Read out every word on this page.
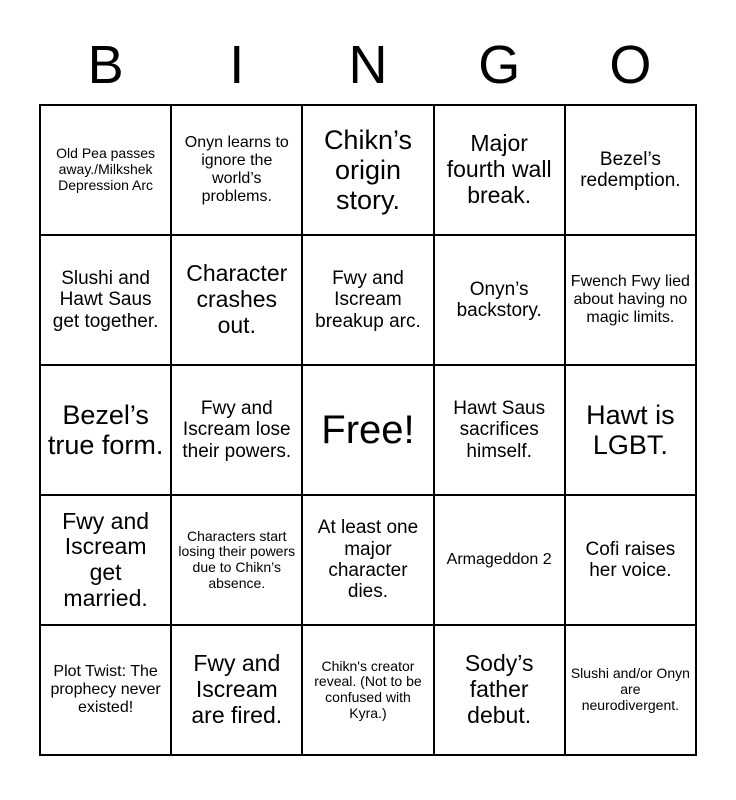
B	I	N	G	O
Old Pea passes away./Milkshek Depression Arc	Onyn learns to ignore the world’s problems.	Chikn’s origin story.	Major fourth wall break.	Bezel’s redemption.
Slushi and Hawt Saus get together.	Character crashes out.	Fwy and Iscream breakup arc.	Onyn’s backstory.	Fwench Fwy lied about having no magic limits.
Bezel’s true form.	Fwy and Iscream lose their powers.	Free!	Hawt Saus sacrifices himself.	Hawt is LGBT.
Fwy and Iscream get married.	Characters start losing their powers due to Chikn’s absence.	At least one major character dies.	Armageddon 2	Cofi raises her voice.
Plot Twist: The prophecy never existed!	Fwy and Iscream are fired.	Chikn's creator reveal. (Not to be confused with Kyra.)	Sody’s father debut.	Slushi and/or Onyn are neurodivergent.
